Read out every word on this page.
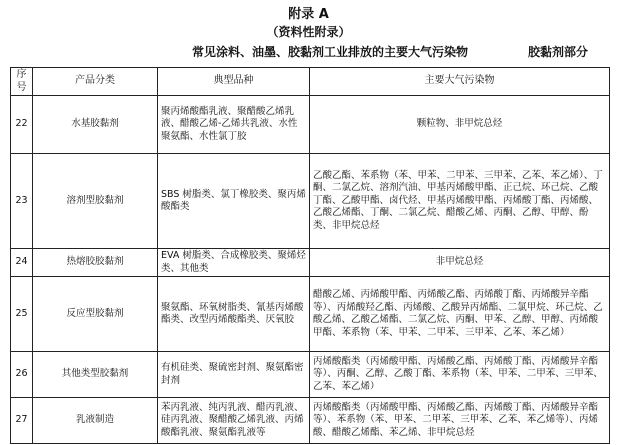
附录 A
（资料性附录）
常见涂料、油墨、胶黏剂工业排放的主要大气污染物	胶黏剂部分
序号	产品分类	典型品种	主要大气污染物
22	水基胶黏剂	聚丙烯酸酯乳液、聚醋酸乙烯乳液、醋酸乙烯-乙烯共乳液、水性聚氨酯、水性氯丁胶	颗粒物、非甲烷总烃
23	溶剂型胶黏剂	SBS 树脂类、氯丁橡胶类、聚丙烯酸酯类	乙酸乙酯、苯系物（苯、甲苯、二甲苯、三甲苯、乙苯、苯乙烯）、丁酮、二氯乙烷、溶剂汽油、甲基丙烯酸甲酯、正己烷、环己烷、乙酸丁酯、乙酸甲酯、卤代烃、甲基丙烯酸甲酯、丙烯酸丁酯、丙烯酸、乙酸乙烯酯、丁酮、二氯乙烷、醋酸乙烯、丙酮、乙醇、甲醇、酚类、非甲烷总烃
24	热熔胶胶黏剂	EVA 树脂类、合成橡胶类、聚烯烃类、其他类	非甲烷总烃
25	反应型胶黏剂	聚氨酯、环氧树脂类、氰基丙烯酸酯类、改型丙烯酸酯类、厌氧胶	醋酸乙烯、丙烯酸甲酯、丙烯酸乙酯、丙烯酸丁酯、丙烯酸异辛酯等）、丙烯酸羟乙酯、丙烯酸、乙酸异丙烯酯、二氯甲烷、环己烷、乙酸乙烯、乙酸乙烯酯、二氯乙烷、丙酮、甲苯、乙醇、甲醇、丙烯酸甲酯、苯系物（苯、甲苯、二甲苯、三甲苯、乙苯、苯乙烯）
26	其他类型胶黏剂	有机硅类、聚硫密封剂、聚氨酯密封剂	丙烯酸酯类（丙烯酸甲酯、丙烯酸乙酯、丙烯酸丁酯、丙烯酸异辛酯等）、丙酮、乙醇、乙酸丁酯、苯系物（苯、甲苯、二甲苯、三甲苯、乙苯、苯乙烯）
27	乳液制造	苯丙乳液、纯丙乳液、醋丙乳液、硅丙乳液、聚醋酸乙烯乳液、丙烯酸酯乳液、聚氨酯乳液等	丙烯酸酯类（丙烯酸甲酯、丙烯酸乙酯、丙烯酸丁酯、丙烯酸异辛酯等）、苯系物（苯、甲苯、二甲苯、三甲苯、乙苯、苯乙烯等）、丙烯酸、醋酸乙烯酯、苯乙烯、非甲烷总烃
